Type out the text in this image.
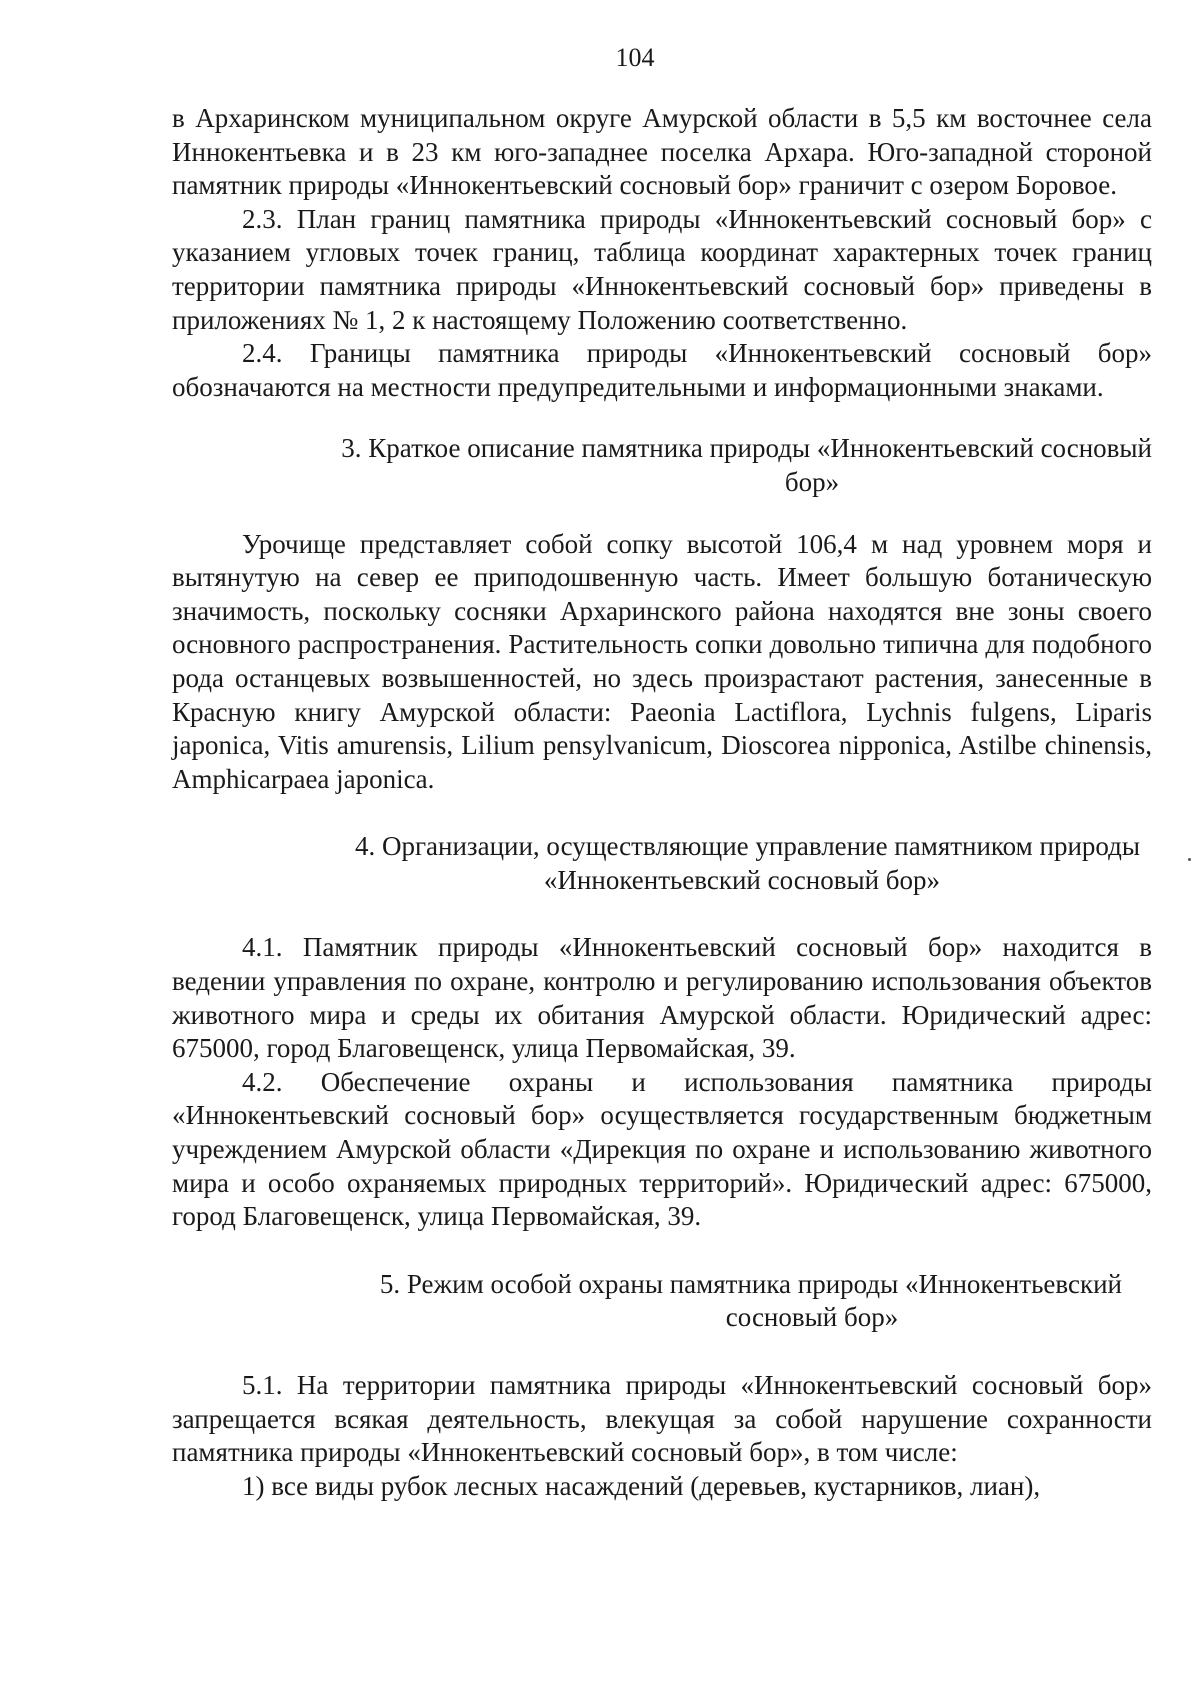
104

в Архаринском муниципальном округе Амурской области в 5,5 км восточнее села Иннокентьевка и в 23 км юго-западнее поселка Архара. Юго-западной стороной памятник природы «Иннокентьевский сосновый бор» граничит с озером Боровое.

2.3. План границ памятника природы «Иннокентьевский сосновый бор» с указанием угловых точек границ, таблица координат характерных точек границ территории памятника природы «Иннокентьевский сосновый бор» приведены в приложениях № 1, 2 к настоящему Положению соответственно.

2.4. Границы памятника природы «Иннокентьевский сосновый бор» обозначаются на местности предупредительными и информационными знаками.

3. Краткое описание памятника природы «Иннокентьевский сосновый
бор»

Урочище представляет собой сопку высотой 106,4 м над уровнем моря и вытянутую на север ее приподошвенную часть. Имеет большую ботаническую значимость, поскольку сосняки Архаринского района находятся вне зоны своего основного распространения. Растительность сопки довольно типична для подобного рода останцевых возвышенностей, но здесь произрастают растения, занесенные в Красную книгу Амурской области: Paeonia Lactiflora, Lychnis fulgens, Liparis japonica, Vitis amurensis, Lilium pensylvanicum, Dioscorea nipponica, Astilbe chinensis, Amphicarpaea japonica.

4. Организации, осуществляющие управление памятником природы
«Иннокентьевский сосновый бор»

4.1. Памятник природы «Иннокентьевский сосновый бор» находится в ведении управления по охране, контролю и регулированию использования объектов животного мира и среды их обитания Амурской области. Юридический адрес: 675000, город Благовещенск, улица Первомайская, 39.

4.2. Обеспечение охраны и использования памятника природы «Иннокентьевский сосновый бор» осуществляется государственным бюджетным учреждением Амурской области «Дирекция по охране и использованию животного мира и особо охраняемых природных территорий». Юридический адрес: 675000, город Благовещенск, улица Первомайская, 39.

5. Режим особой охраны памятника природы «Иннокентьевский
сосновый бор»

5.1. На территории памятника природы «Иннокентьевский сосновый бор» запрещается всякая деятельность, влекущая за собой нарушение сохранности памятника природы «Иннокентьевский сосновый бор», в том числе:

1) все виды рубок лесных насаждений (деревьев, кустарников, лиан),
